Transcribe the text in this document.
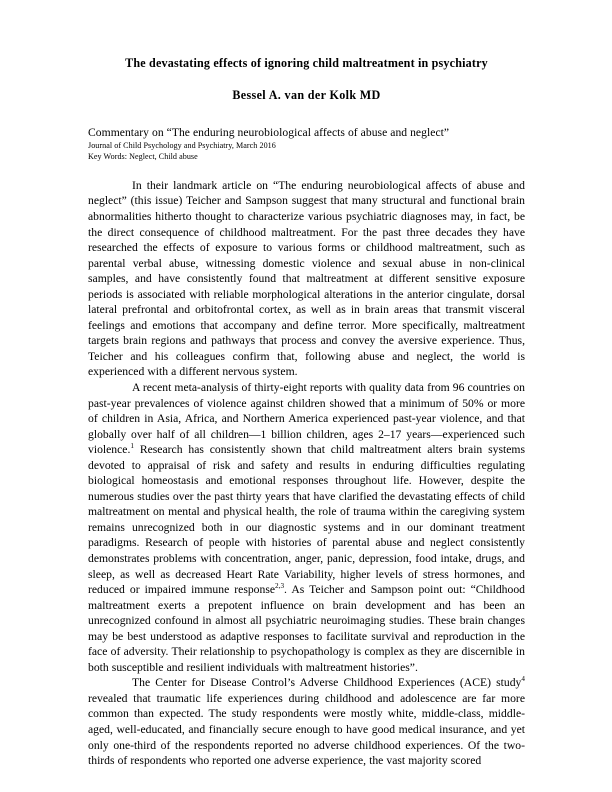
The devastating effects of ignoring child maltreatment in psychiatry
Bessel A. van der Kolk MD

Commentary on “The enduring neurobiological affects of abuse and neglect”

Journal of Child Psychology and Psychiatry, March 2016

Key Words: Neglect, Child abuse

In their landmark article on “The enduring neurobiological affects of abuse and neglect” (this issue) Teicher and Sampson suggest that many structural and functional brain abnormalities hitherto thought to characterize various psychiatric diagnoses may, in fact, be the direct consequence of childhood maltreatment. For the past three decades they have researched the effects of exposure to various forms or childhood maltreatment, such as parental verbal abuse, witnessing domestic violence and sexual abuse in non-clinical samples, and have consistently found that maltreatment at different sensitive exposure periods is associated with reliable morphological alterations in the anterior cingulate, dorsal lateral prefrontal and orbitofrontal cortex, as well as in brain areas that transmit visceral feelings and emotions that accompany and define terror. More specifically, maltreatment targets brain regions and pathways that process and convey the aversive experience. Thus, Teicher and his colleagues confirm that, following abuse and neglect, the world is experienced with a different nervous system.

A recent meta-analysis of thirty-eight reports with quality data from 96 countries on past-year prevalences of violence against children showed that a minimum of 50% or more of children in Asia, Africa, and Northern America experienced past-year violence, and that globally over half of all children—1 billion children, ages 2–17 years—experienced such violence.$^1$ Research has consistently shown that child maltreatment alters brain systems devoted to appraisal of risk and safety and results in enduring difficulties regulating biological homeostasis and emotional responses throughout life. However, despite the numerous studies over the past thirty years that have clarified the devastating effects of child maltreatment on mental and physical health, the role of trauma within the caregiving system remains unrecognized both in our diagnostic systems and in our dominant treatment paradigms. Research of people with histories of parental abuse and neglect consistently demonstrates problems with concentration, anger, panic, depression, food intake, drugs, and sleep, as well as decreased Heart Rate Variability, higher levels of stress hormones, and reduced or impaired immune response$^{2,3}$. As Teicher and Sampson point out: “Childhood maltreatment exerts a prepotent influence on brain development and has been an unrecognized confound in almost all psychiatric neuroimaging studies. These brain changes may be best understood as adaptive responses to facilitate survival and reproduction in the face of adversity. Their relationship to psychopathology is complex as they are discernible in both susceptible and resilient individuals with maltreatment histories”.

The Center for Disease Control’s Adverse Childhood Experiences (ACE) study$^4$ revealed that traumatic life experiences during childhood and adolescence are far more common than expected. The study respondents were mostly white, middle-class, middle-aged, well-educated, and financially secure enough to have good medical insurance, and yet only one-third of the respondents reported no adverse childhood experiences. Of the two-thirds of respondents who reported one adverse experience, the vast majority scored
